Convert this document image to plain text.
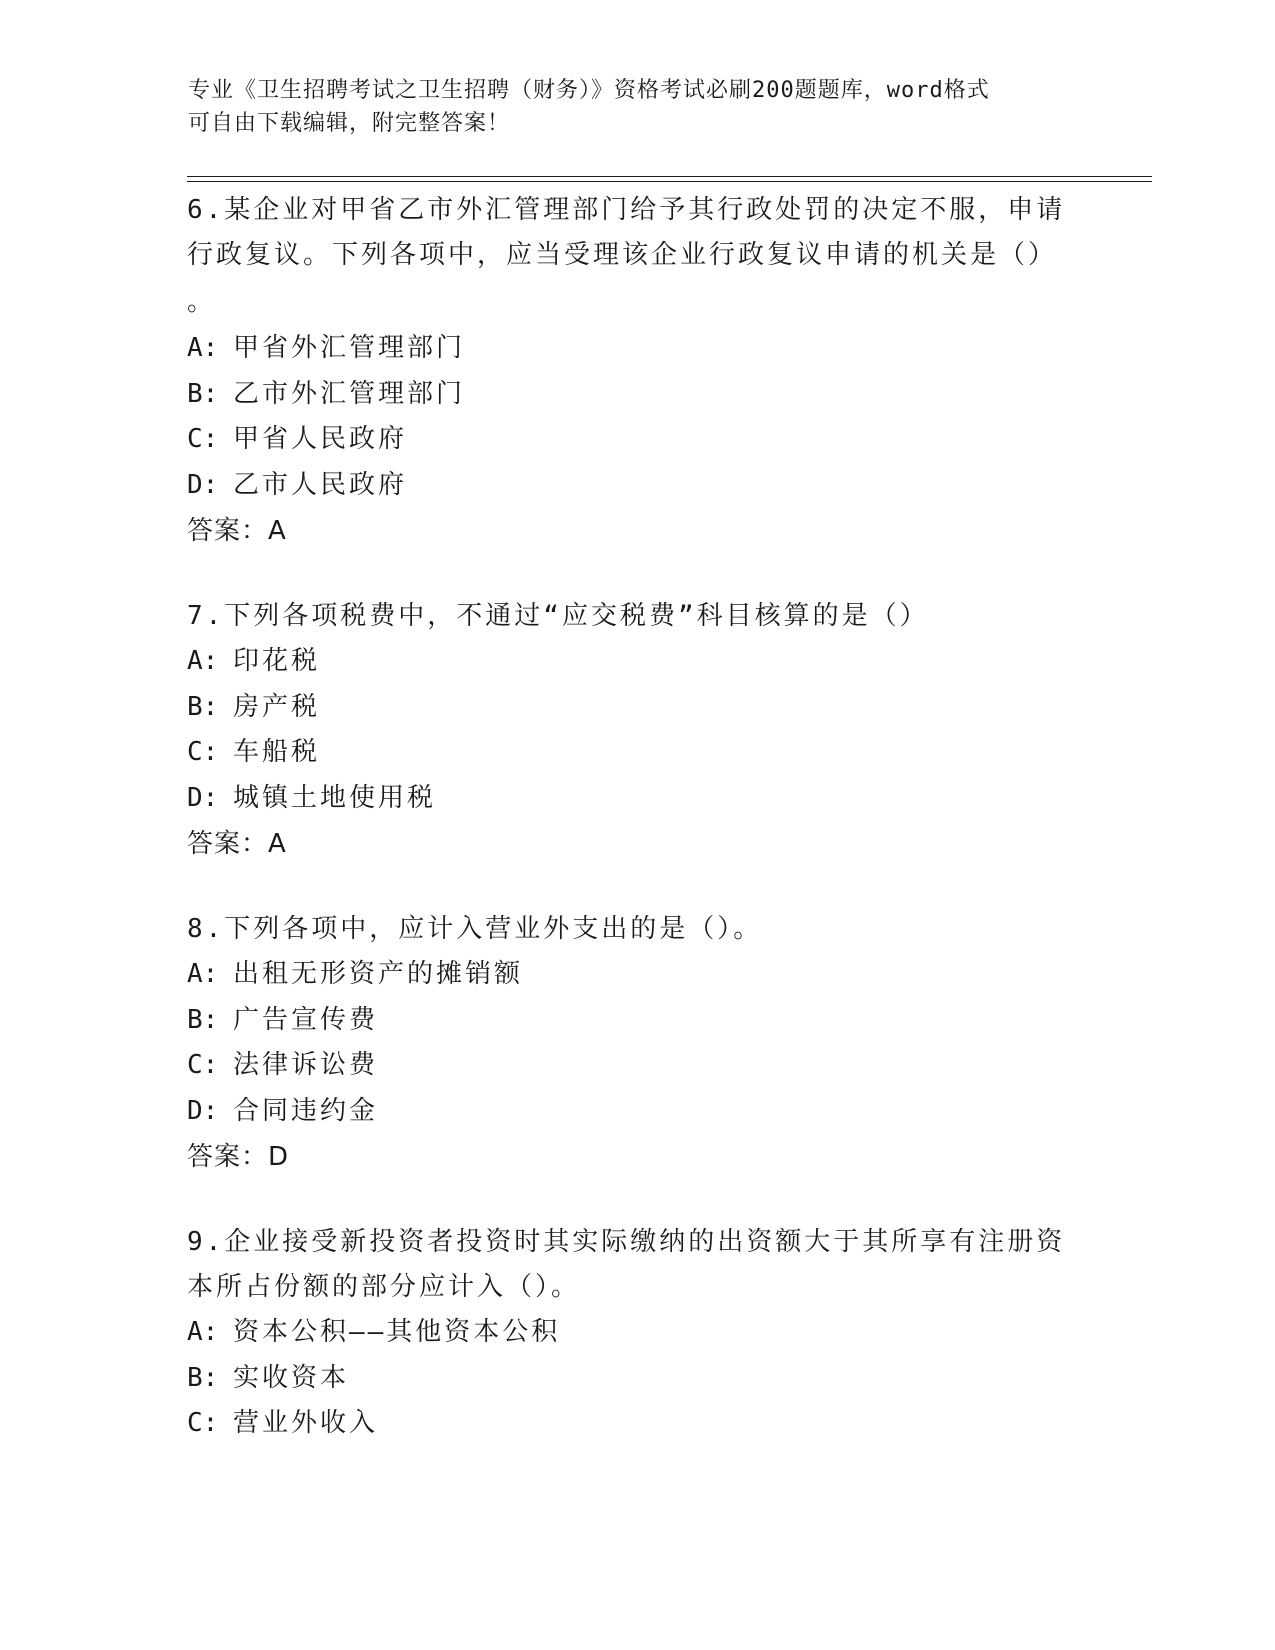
专业《卫生招聘考试之卫生招聘（财务）》资格考试必刷200题题库，word格式
可自由下载编辑，附完整答案！

6.某企业对甲省乙市外汇管理部门给予其行政处罚的决定不服，申请行政复议。下列各项中，应当受理该企业行政复议申请的机关是（）

。

A: 甲省外汇管理部门

B: 乙市外汇管理部门

C: 甲省人民政府

D: 乙市人民政府

答案：A

7.下列各项税费中，不通过“应交税费”科目核算的是（）

A: 印花税

B: 房产税

C: 车船税

D: 城镇土地使用税

答案：A

8.下列各项中，应计入营业外支出的是（）。

A: 出租无形资产的摊销额

B: 广告宣传费

C: 法律诉讼费

D: 合同违约金

答案：D

9.企业接受新投资者投资时其实际缴纳的出资额大于其所享有注册资本所占份额的部分应计入（）。

A: 资本公积——其他资本公积

B: 实收资本

C: 营业外收入
